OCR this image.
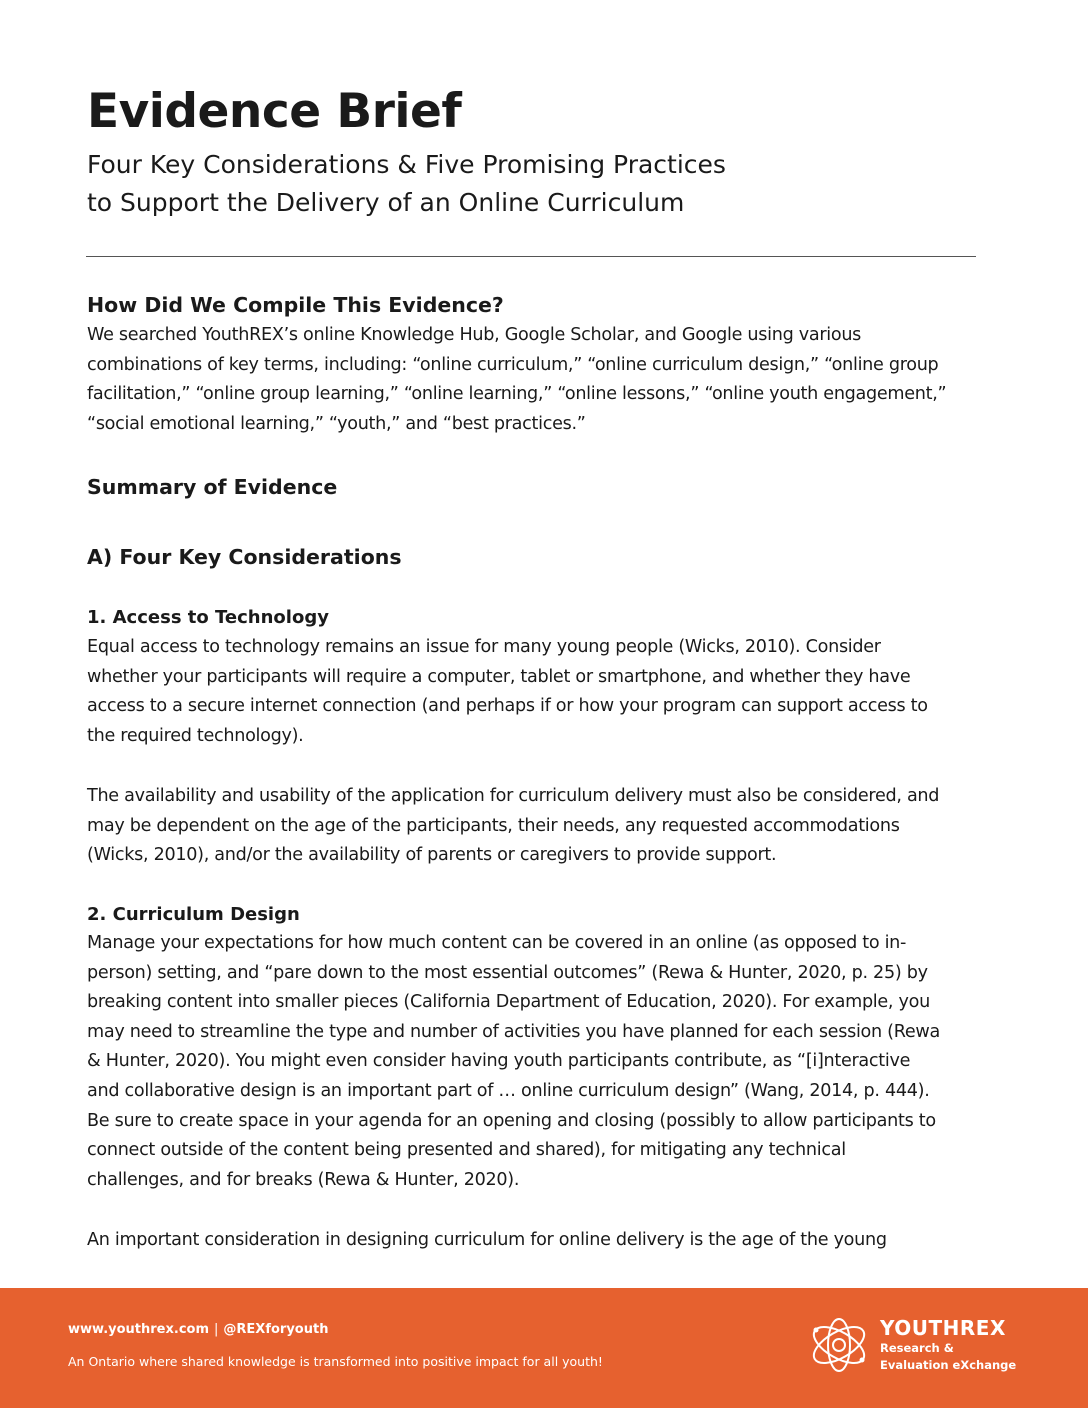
Evidence Brief
Four Key Considerations & Five Promising Practices
to Support the Delivery of an Online Curriculum
How Did We Compile This Evidence?
We searched YouthREX’s online Knowledge Hub, Google Scholar, and Google using various
combinations of key terms, including: “online curriculum,” “online curriculum design,” “online group
facilitation,” “online group learning,” “online learning,” “online lessons,” “online youth engagement,”
“social emotional learning,” “youth,” and “best practices.”
Summary of Evidence
A) Four Key Considerations
1. Access to Technology
Equal access to technology remains an issue for many young people (Wicks, 2010). Consider
whether your participants will require a computer, tablet or smartphone, and whether they have
access to a secure internet connection (and perhaps if or how your program can support access to
the required technology).
The availability and usability of the application for curriculum delivery must also be considered, and
may be dependent on the age of the participants, their needs, any requested accommodations
(Wicks, 2010), and/or the availability of parents or caregivers to provide support.
2. Curriculum Design
Manage your expectations for how much content can be covered in an online (as opposed to in-
person) setting, and “pare down to the most essential outcomes” (Rewa & Hunter, 2020, p. 25) by
breaking content into smaller pieces (California Department of Education, 2020). For example, you
may need to streamline the type and number of activities you have planned for each session (Rewa
& Hunter, 2020). You might even consider having youth participants contribute, as “[i]nteractive
and collaborative design is an important part of … online curriculum design” (Wang, 2014, p. 444).
Be sure to create space in your agenda for an opening and closing (possibly to allow participants to
connect outside of the content being presented and shared), for mitigating any technical
challenges, and for breaks (Rewa & Hunter, 2020).
An important consideration in designing curriculum for online delivery is the age of the young
www.youthrex.com | @REXforyouth
An Ontario where shared knowledge is transformed into positive impact for all youth!
YOUTHREX
Research &
Evaluation eXchange
